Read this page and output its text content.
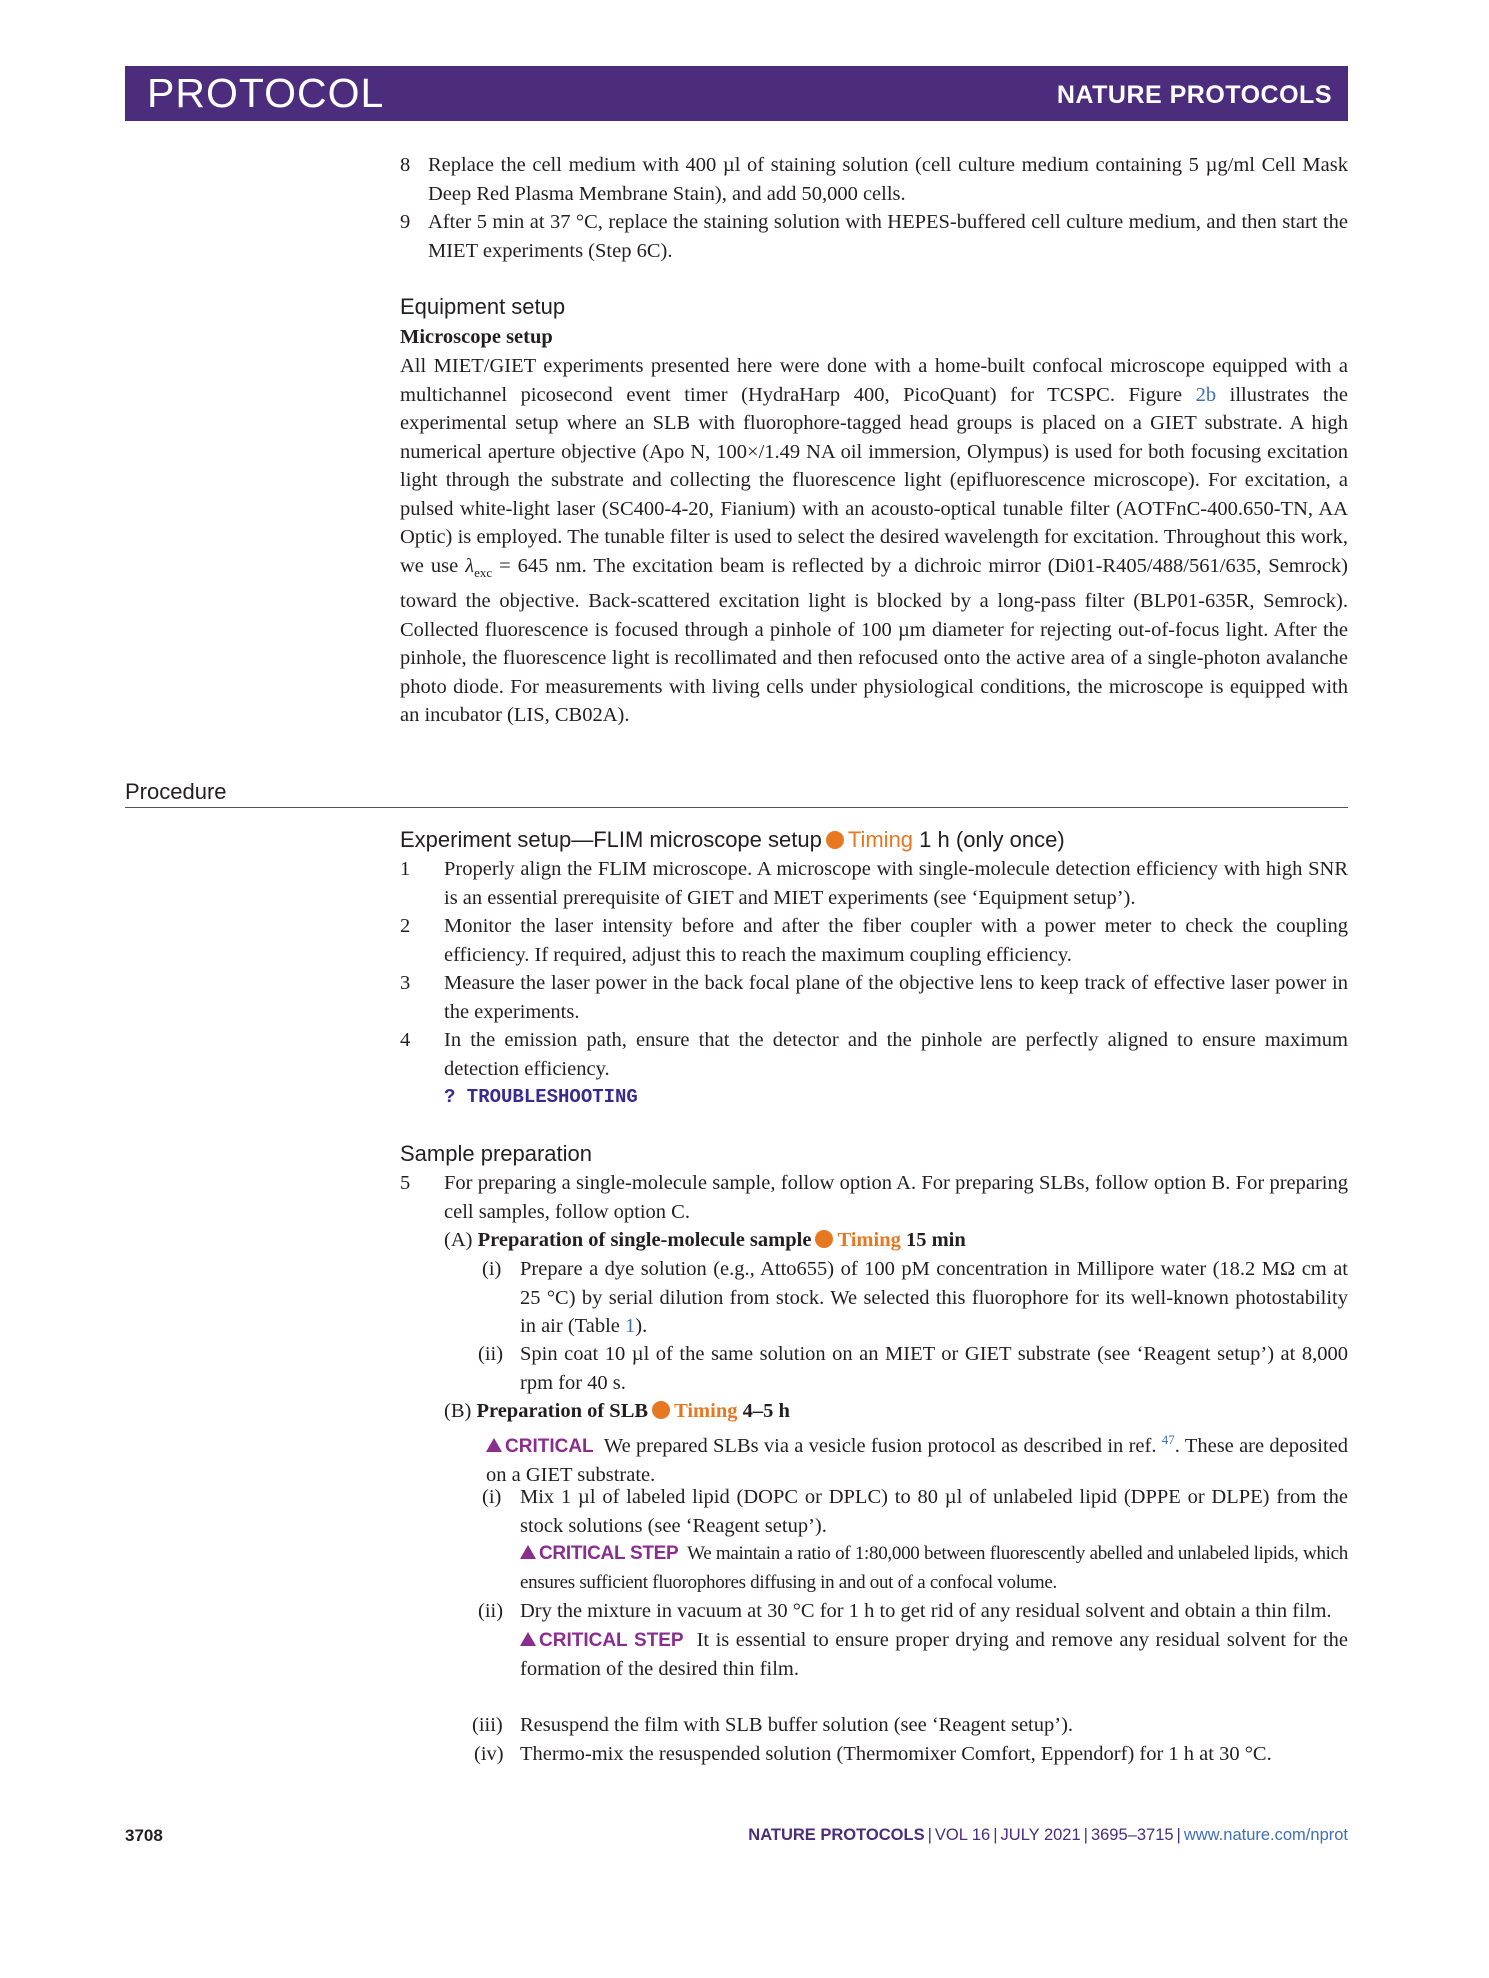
PROTOCOL	NATURE PROTOCOLS
8 Replace the cell medium with 400 µl of staining solution (cell culture medium containing 5 µg/ml Cell Mask Deep Red Plasma Membrane Stain), and add 50,000 cells.
9 After 5 min at 37 °C, replace the staining solution with HEPES-buffered cell culture medium, and then start the MIET experiments (Step 6C).
Equipment setup
Microscope setup
All MIET/GIET experiments presented here were done with a home-built confocal microscope equipped with a multichannel picosecond event timer (HydraHarp 400, PicoQuant) for TCSPC. Figure 2b illustrates the experimental setup where an SLB with fluorophore-tagged head groups is placed on a GIET substrate. A high numerical aperture objective (Apo N, 100×/1.49 NA oil immersion, Olympus) is used for both focusing excitation light through the substrate and collecting the fluorescence light (epifluorescence microscope). For excitation, a pulsed white-light laser (SC400-4-20, Fianium) with an acousto-optical tunable filter (AOTFnC-400.650-TN, AA Optic) is employed. The tunable filter is used to select the desired wavelength for excitation. Throughout this work, we use $\lambda_{exc} = 645$ nm. The excitation beam is reflected by a dichroic mirror (Di01-R405/488/561/635, Semrock) toward the objective. Back-scattered excitation light is blocked by a long-pass filter (BLP01-635R, Semrock). Collected fluorescence is focused through a pinhole of 100 µm diameter for rejecting out-of-focus light. After the pinhole, the fluorescence light is recollimated and then refocused onto the active area of a single-photon avalanche photo diode. For measurements with living cells under physiological conditions, the microscope is equipped with an incubator (LIS, CB02A).
Procedure
Experiment setup—FLIM microscope setup Timing 1 h (only once)
1 Properly align the FLIM microscope. A microscope with single-molecule detection efficiency with high SNR is an essential prerequisite of GIET and MIET experiments (see ‘Equipment setup’).
2 Monitor the laser intensity before and after the fiber coupler with a power meter to check the coupling efficiency. If required, adjust this to reach the maximum coupling efficiency.
3 Measure the laser power in the back focal plane of the objective lens to keep track of effective laser power in the experiments.
4 In the emission path, ensure that the detector and the pinhole are perfectly aligned to ensure maximum detection efficiency.
? TROUBLESHOOTING
Sample preparation
5 For preparing a single-molecule sample, follow option A. For preparing SLBs, follow option B. For preparing cell samples, follow option C.
(A) Preparation of single-molecule sample Timing 15 min
(i) Prepare a dye solution (e.g., Atto655) of 100 pM concentration in Millipore water (18.2 MΩ cm at 25 °C) by serial dilution from stock. We selected this fluorophore for its well-known photostability in air (Table 1).
(ii) Spin coat 10 µl of the same solution on an MIET or GIET substrate (see ‘Reagent setup’) at 8,000 rpm for 40 s.
(B) Preparation of SLB Timing 4–5 h
CRITICAL We prepared SLBs via a vesicle fusion protocol as described in ref. $^{47}$. These are deposited on a GIET substrate.
(i) Mix 1 µl of labeled lipid (DOPC or DPLC) to 80 µl of unlabeled lipid (DPPE or DLPE) from the stock solutions (see ‘Reagent setup’).
CRITICAL STEP We maintain a ratio of 1:80,000 between fluorescently abelled and unlabeled lipids, which ensures sufficient fluorophores diffusing in and out of a confocal volume.
(ii) Dry the mixture in vacuum at 30 °C for 1 h to get rid of any residual solvent and obtain a thin film.
CRITICAL STEP It is essential to ensure proper drying and remove any residual solvent for the formation of the desired thin film.
(iii) Resuspend the film with SLB buffer solution (see ‘Reagent setup’).
(iv) Thermo-mix the resuspended solution (Thermomixer Comfort, Eppendorf) for 1 h at 30 °C.
3708	NATURE PROTOCOLS | VOL 16 | JULY 2021 | 3695–3715 | www.nature.com/nprot
